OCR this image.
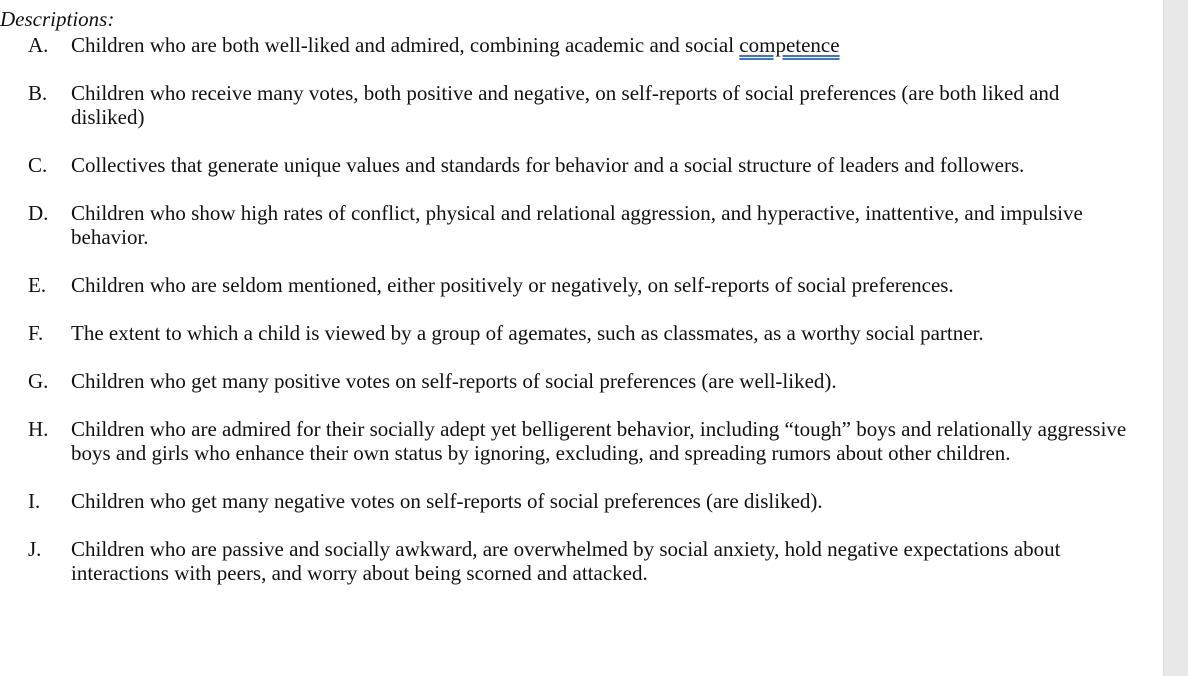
Descriptions:
A. Children who are both well-liked and admired, combining academic and social competence
B. Children who receive many votes, both positive and negative, on self-reports of social preferences (are both liked and disliked)
C. Collectives that generate unique values and standards for behavior and a social structure of leaders and followers.
D. Children who show high rates of conflict, physical and relational aggression, and hyperactive, inattentive, and impulsive behavior.
E. Children who are seldom mentioned, either positively or negatively, on self-reports of social preferences.
F. The extent to which a child is viewed by a group of agemates, such as classmates, as a worthy social partner.
G. Children who get many positive votes on self-reports of social preferences (are well-liked).
H. Children who are admired for their socially adept yet belligerent behavior, including “tough” boys and relationally aggressive boys and girls who enhance their own status by ignoring, excluding, and spreading rumors about other children.
I. Children who get many negative votes on self-reports of social preferences (are disliked).
J. Children who are passive and socially awkward, are overwhelmed by social anxiety, hold negative expectations about interactions with peers, and worry about being scorned and attacked.
